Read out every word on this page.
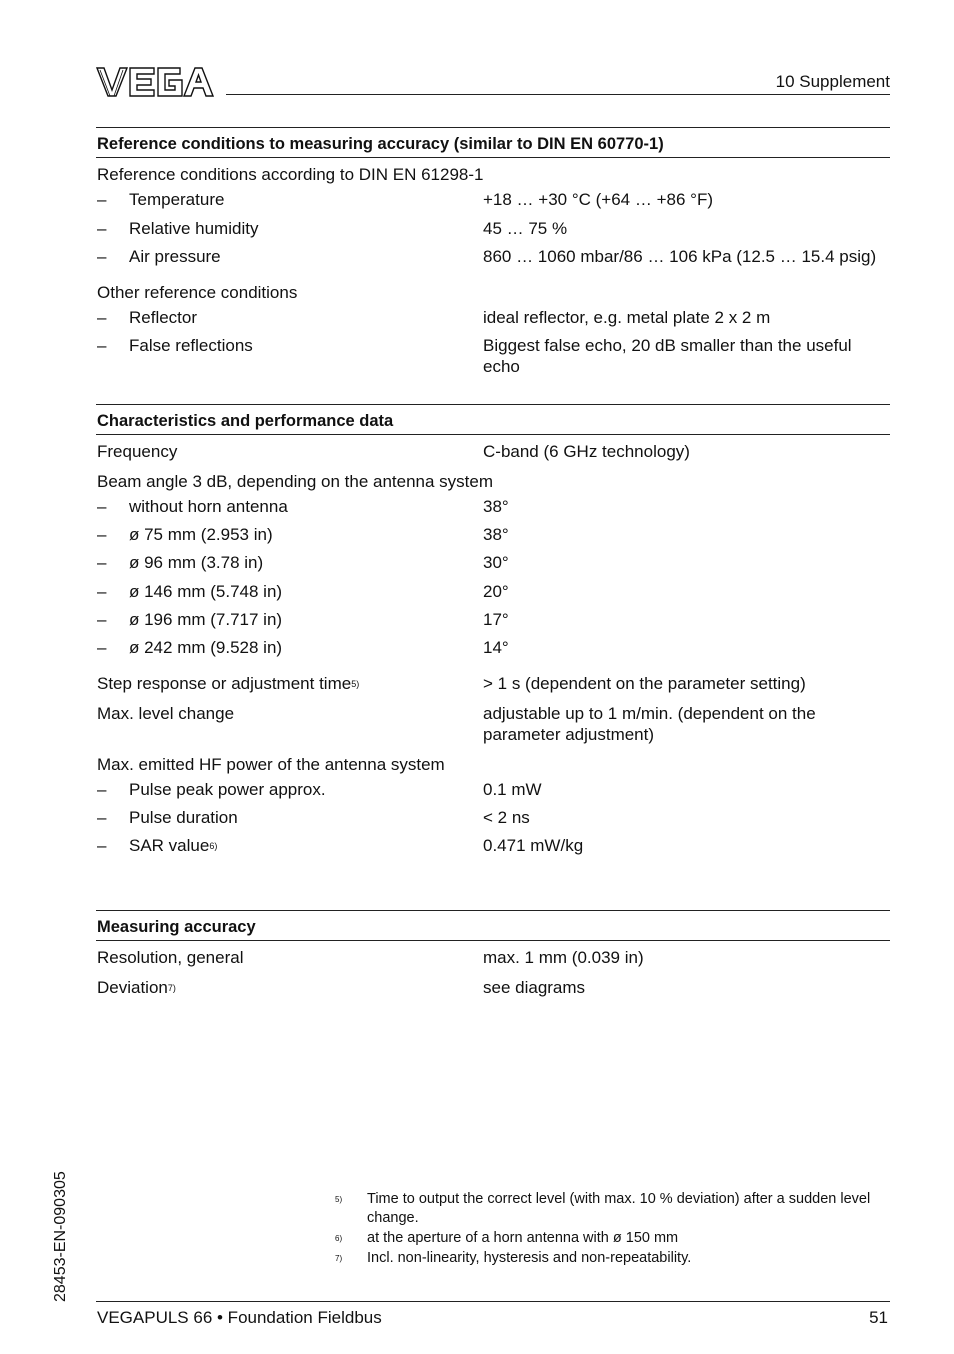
10 Supplement
Reference conditions to measuring accuracy (similar to DIN EN 60770-1)
Reference conditions according to DIN EN 61298-1
– Temperature	+18 … +30 °C (+64 … +86 °F)
– Relative humidity	45 … 75 %
– Air pressure	860 … 1060 mbar/86 … 106 kPa (12.5 … 15.4 psig)
Other reference conditions
– Reflector	ideal reflector, e.g. metal plate 2 x 2 m
– False reflections	Biggest false echo, 20 dB smaller than the useful echo
Characteristics and performance data
Frequency	C-band (6 GHz technology)
Beam angle 3 dB, depending on the antenna system
– without horn antenna	38°
– ø 75 mm (2.953 in)	38°
– ø 96 mm (3.78 in)	30°
– ø 146 mm (5.748 in)	20°
– ø 196 mm (7.717 in)	17°
– ø 242 mm (9.528 in)	14°
Step response or adjustment time$^{5)}$	> 1 s (dependent on the parameter setting)
Max. level change	adjustable up to 1 m/min. (dependent on the parameter adjustment)
Max. emitted HF power of the antenna system
– Pulse peak power approx.	0.1 mW
– Pulse duration	< 2 ns
– SAR value$^{6)}$	0.471 mW/kg
Measuring accuracy
Resolution, general	max. 1 mm (0.039 in)
Deviation$^{7)}$	see diagrams
5) Time to output the correct level (with max. 10 % deviation) after a sudden level change.
6) at the aperture of a horn antenna with ø 150 mm
7) Incl. non-linearity, hysteresis and non-repeatability.
28453-EN-090305
VEGAPULS 66 • Foundation Fieldbus	51
